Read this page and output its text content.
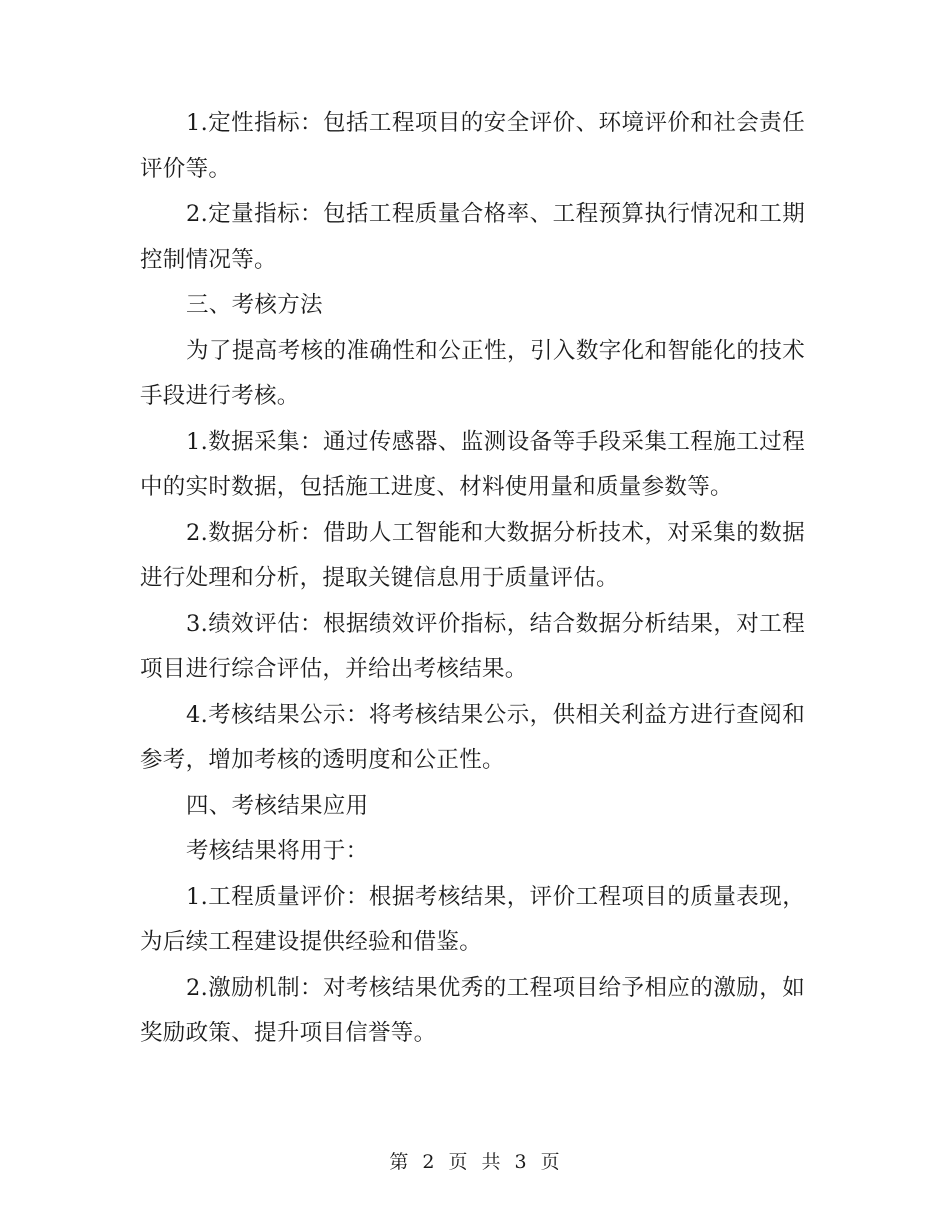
1.定性指标：包括工程项目的安全评价、环境评价和社会责任评价等。

2.定量指标：包括工程质量合格率、工程预算执行情况和工期控制情况等。

三、考核方法

为了提高考核的准确性和公正性，引入数字化和智能化的技术手段进行考核。

1.数据采集：通过传感器、监测设备等手段采集工程施工过程中的实时数据，包括施工进度、材料使用量和质量参数等。

2.数据分析：借助人工智能和大数据分析技术，对采集的数据进行处理和分析，提取关键信息用于质量评估。

3.绩效评估：根据绩效评价指标，结合数据分析结果，对工程项目进行综合评估，并给出考核结果。

4.考核结果公示：将考核结果公示，供相关利益方进行查阅和参考，增加考核的透明度和公正性。

四、考核结果应用

考核结果将用于：

1.工程质量评价：根据考核结果，评价工程项目的质量表现，为后续工程建设提供经验和借鉴。

2.激励机制：对考核结果优秀的工程项目给予相应的激励，如奖励政策、提升项目信誉等。

第 2 页 共 3 页
